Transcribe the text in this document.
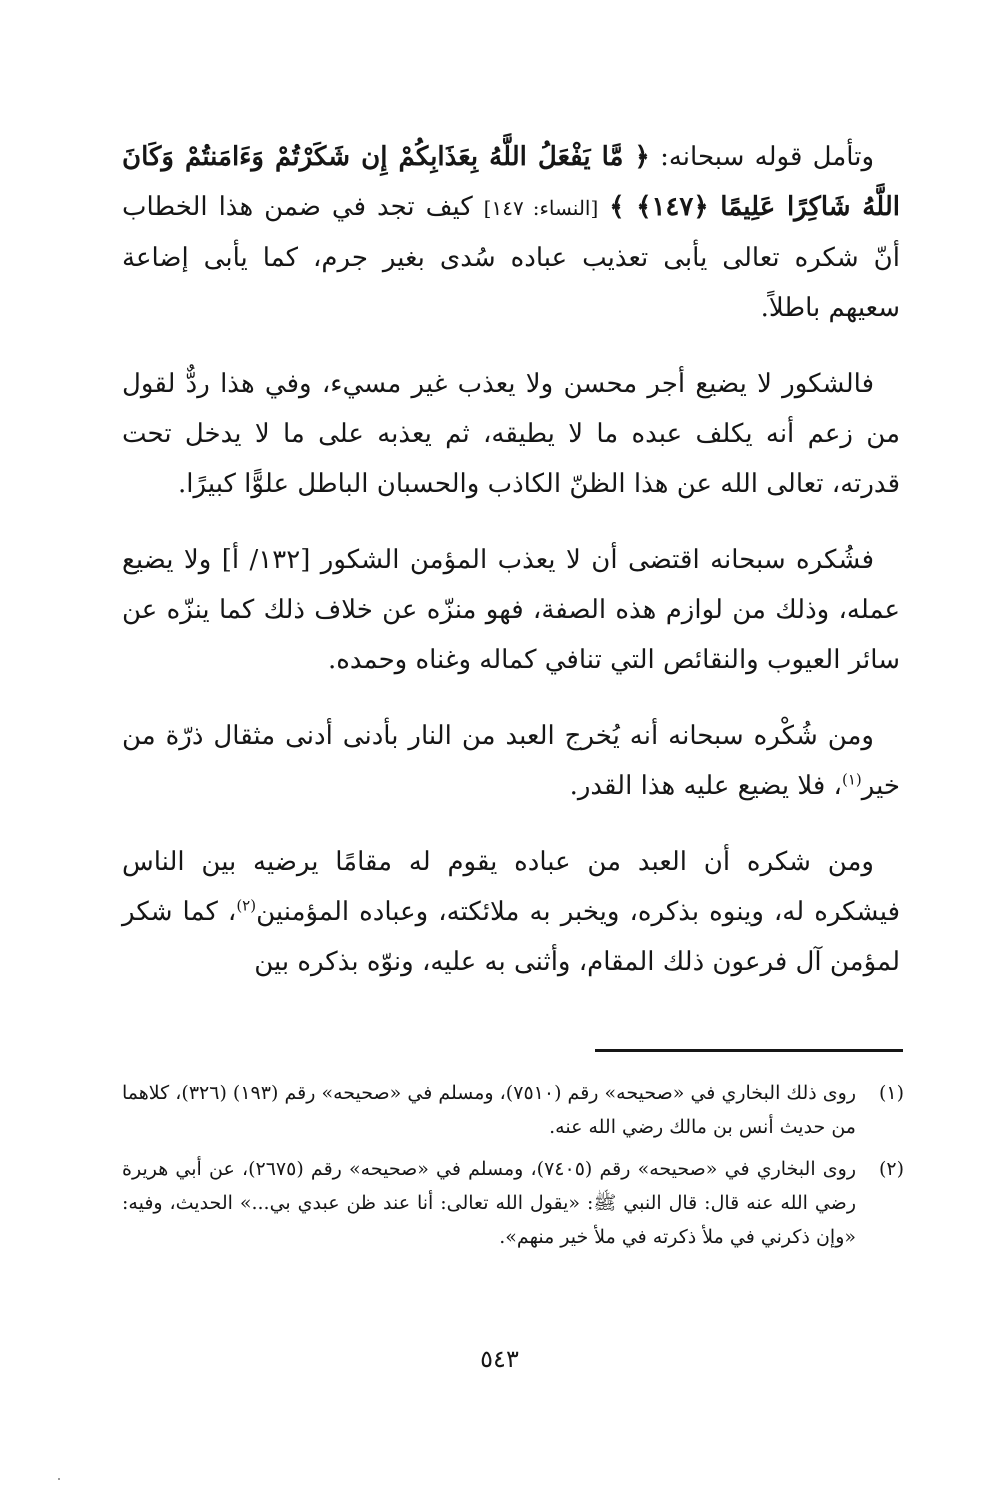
وتأمل قوله سبحانه: ﴿ مَّا يَفْعَلُ اللَّهُ بِعَذَابِكُمْ إِن شَكَرْتُمْ وَءَامَنتُمْ وَكَانَ اللَّهُ شَاكِرًا عَلِيمًا ﴿١٤٧﴾ ﴾ [النساء: ١٤٧] كيف تجد في ضمن هذا الخطاب أنّ شكره تعالى يأبى تعذيب عباده سُدى بغير جرم، كما يأبى إضاعة سعيهم باطلاً.

فالشكور لا يضيع أجر محسن ولا يعذب غير مسيء، وفي هذا ردٌّ لقول من زعم أنه يكلف عبده ما لا يطيقه، ثم يعذبه على ما لا يدخل تحت قدرته، تعالى الله عن هذا الظنّ الكاذب والحسبان الباطل علوًّا كبيرًا.

فشُكره سبحانه اقتضى أن لا يعذب المؤمن الشكور [١٣٢/ أ] ولا يضيع عمله، وذلك من لوازم هذه الصفة، فهو منزّه عن خلاف ذلك كما ينزّه عن سائر العيوب والنقائص التي تنافي كماله وغناه وحمده.

ومن شُكْره سبحانه أنه يُخرج العبد من النار بأدنى أدنى مثقال ذرّة من خير$^{(١)}$، فلا يضيع عليه هذا القدر.

ومن شكره أن العبد من عباده يقوم له مقامًا يرضيه بين الناس فيشكره له، وينوه بذكره، ويخبر به ملائكته، وعباده المؤمنين$^{(٢)}$، كما شكر لمؤمن آل فرعون ذلك المقام، وأثنى به عليه، ونوّه بذكره بين

(١)
روى ذلك البخاري في «صحيحه» رقم (٧٥١٠)، ومسلم في «صحيحه» رقم (١٩٣) (٣٢٦)، كلاهما من حديث أنس بن مالك رضي الله عنه.
(٢)
روى البخاري في «صحيحه» رقم (٧٤٠٥)، ومسلم في «صحيحه» رقم (٢٦٧٥)، عن أبي هريرة رضي الله عنه قال: قال النبي ﷺ: «يقول الله تعالى: أنا عند ظن عبدي بي...» الحديث، وفيه: «وإن ذكرني في ملأ ذكرته في ملأ خير منهم».
٥٤٣
